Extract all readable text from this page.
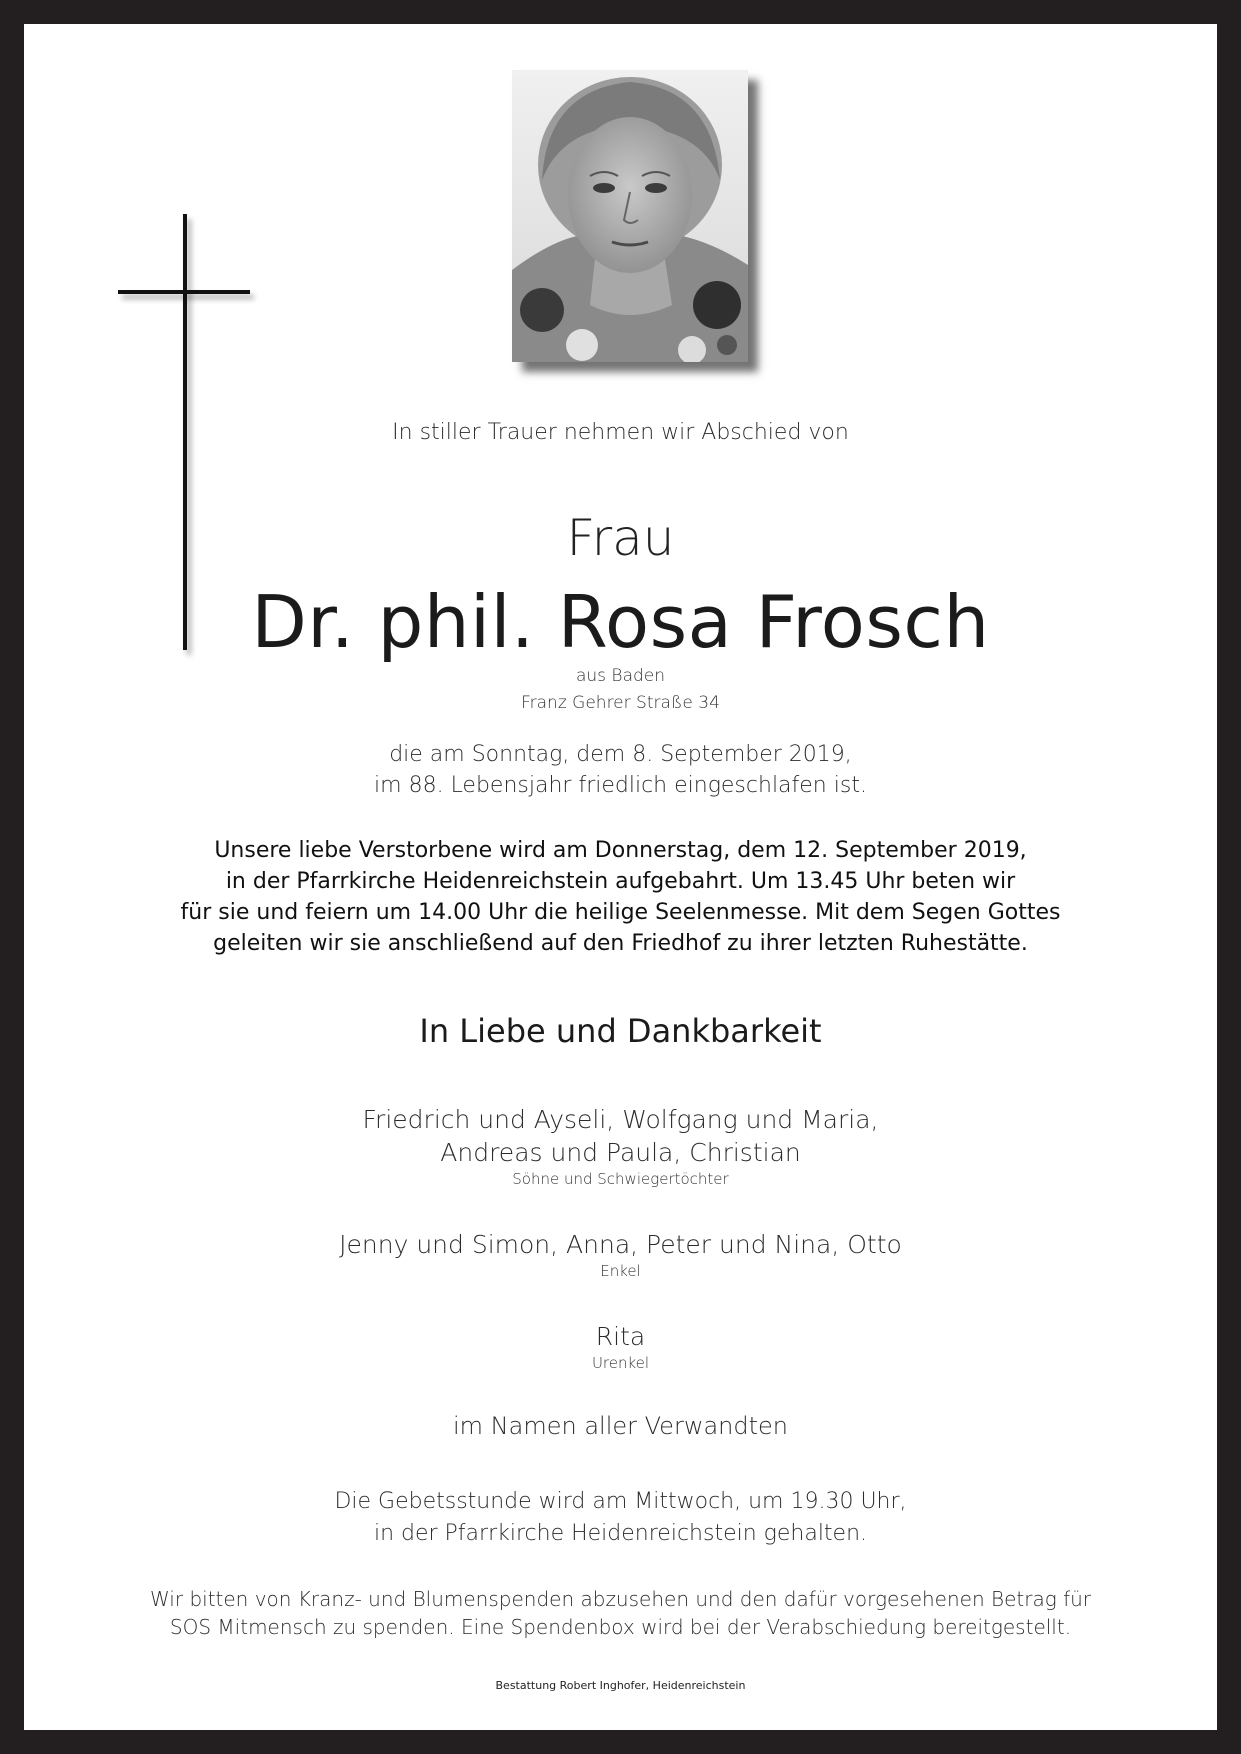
In stiller Trauer nehmen wir Abschied von
Frau
Dr. phil. Rosa Frosch
aus Baden
Franz Gehrer Straße 34
die am Sonntag, dem 8. September 2019,
im 88. Lebensjahr friedlich eingeschlafen ist.
Unsere liebe Verstorbene wird am Donnerstag, dem 12. September 2019,
in der Pfarrkirche Heidenreichstein aufgebahrt. Um 13.45 Uhr beten wir
für sie und feiern um 14.00 Uhr die heilige Seelenmesse. Mit dem Segen Gottes
geleiten wir sie anschließend auf den Friedhof zu ihrer letzten Ruhestätte.
In Liebe und Dankbarkeit
Friedrich und Ayseli, Wolfgang und Maria,
Andreas und Paula, Christian
Söhne und Schwiegertöchter
Jenny und Simon, Anna, Peter und Nina, Otto
Enkel
Rita
Urenkel
im Namen aller Verwandten
Die Gebetsstunde wird am Mittwoch, um 19.30 Uhr,
in der Pfarrkirche Heidenreichstein gehalten.
Wir bitten von Kranz- und Blumenspenden abzusehen und den dafür vorgesehenen Betrag für
SOS Mitmensch zu spenden. Eine Spendenbox wird bei der Verabschiedung bereitgestellt.
Bestattung Robert Inghofer, Heidenreichstein
